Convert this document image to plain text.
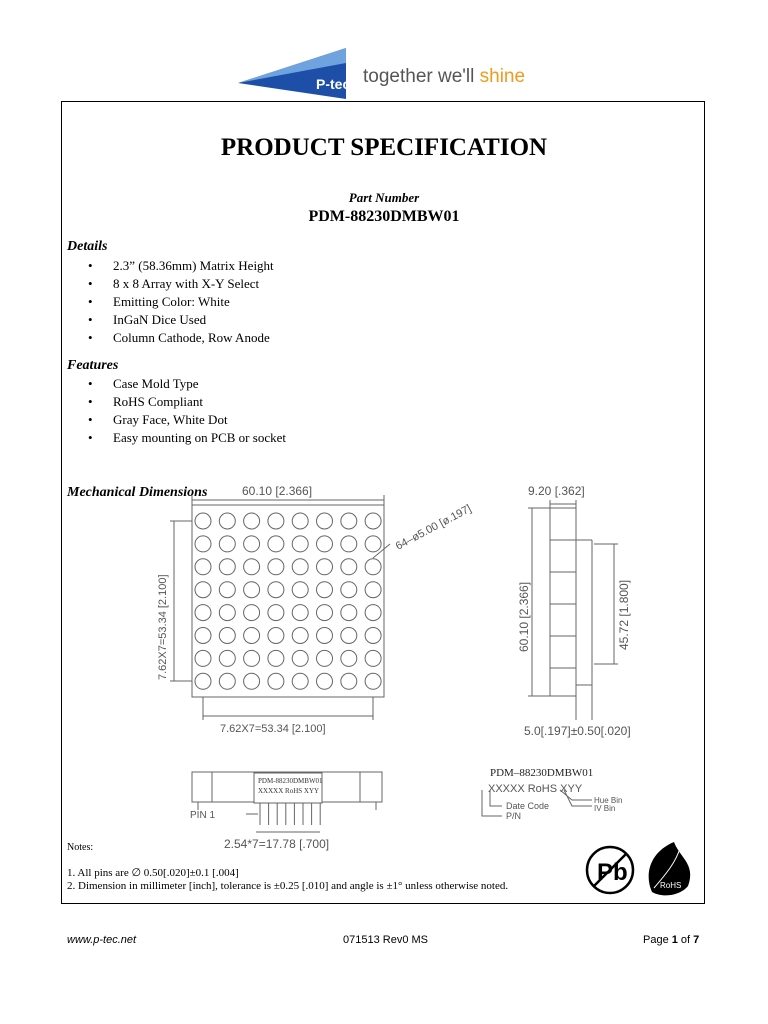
P-tec together we'll shine
PRODUCT SPECIFICATION
Part Number
PDM-88230DMBW01
Details
• 2.3” (58.36mm) Matrix Height
• 8 x 8 Array with X-Y Select
• Emitting Color: White
• InGaN Dice Used
• Column Cathode, Row Anode
Features
• Case Mold Type
• RoHS Compliant
• Gray Face, White Dot
• Easy mounting on PCB or socket
Mechanical Dimensions	60.10 [2.366]
64–ø5.00 [ø.197]
7.62X7=53.34 [2.100]
7.62X7=53.34 [2.100]
9.20 [.362]
60.10 [2.366]	45.72 [1.800]
5.0[.197]±0.50[.020]
PDM-88230DMBW01
XXXXX RoHS XYY
PIN 1
2.54*7=17.78 [.700]
PDM–88230DMBW01
XXXXX RoHS XYY
Date Code
P/N
Hue Bin
IV Bin
Notes:
1. All pins are ∅ 0.50[.020]±0.1 [.004]
2. Dimension in millimeter [inch], tolerance is ±0.25 [.010] and angle is ±1° unless otherwise noted.	Pb	RoHS
www.p-tec.net	071513 Rev0 MS	Page 1 of 7
